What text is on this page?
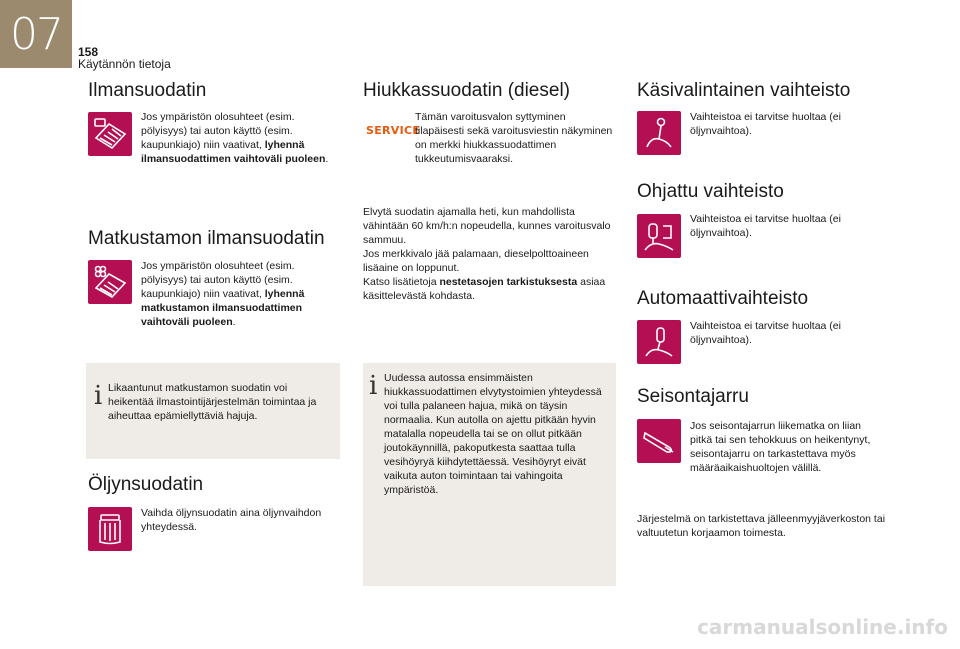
07	158
Käytännön tietoja
Ilmansuodatin
Jos ympäristön olosuhteet (esim. pölyisyys) tai auton käyttö (esim. kaupunkiajo) niin vaativat, lyhennä ilmansuodattimen vaihtoväli puoleen.
Matkustamon ilmansuodatin
Jos ympäristön olosuhteet (esim. pölyisyys) tai auton käyttö (esim. kaupunkiajo) niin vaativat, lyhennä matkustamon ilmansuodattimen vaihtoväli puoleen.
i Likaantunut matkustamon suodatin voi heikentää ilmastointijärjestelmän toimintaa ja aiheuttaa epämiellyttäviä hajuja.
Öljynsuodatin
Vaihda öljynsuodatin aina öljynvaihdon yhteydessä.
Hiukkassuodatin (diesel)
SERVICE
Tämän varoitusvalon syttyminen tilapäisesti sekä varoitusviestin näkyminen on merkki hiukkassuodattimen tukkeutumisvaaraksi.
Elvytä suodatin ajamalla heti, kun mahdollista vähintään 60 km/h:n nopeudella, kunnes varoitusvalo sammuu.
Jos merkkivalo jää palamaan, dieselpolttoaineen lisäaine on loppunut.
Katso lisätietoja nestetasojen tarkistuksesta asiaa käsittelevästä kohdasta.
i Uudessa autossa ensimmäisten hiukkassuodattimen elvytystoimien yhteydessä voi tulla palaneen hajua, mikä on täysin normaalia. Kun autolla on ajettu pitkään hyvin matalalla nopeudella tai se on ollut pitkään joutokäynnillä, pakoputkesta saattaa tulla vesihöyryä kiihdytettäessä. Vesihöyryt eivät vaikuta auton toimintaan tai vahingoita ympäristöä.
Käsivalintainen vaihteisto
Vaihteistoa ei tarvitse huoltaa (ei öljynvaihtoa).
Ohjattu vaihteisto
Vaihteistoa ei tarvitse huoltaa (ei öljynvaihtoa).
Automaattivaihteisto
Vaihteistoa ei tarvitse huoltaa (ei öljynvaihtoa).
Seisontajarru
Jos seisontajarrun liikematka on liian pitkä tai sen tehokkuus on heikentynyt, seisontajarru on tarkastettava myös määräaikaishuoltojen välillä.
Järjestelmä on tarkistettava jälleenmyyjäverkoston tai valtuutetun korjaamon toimesta.
carmanualsonline.info
